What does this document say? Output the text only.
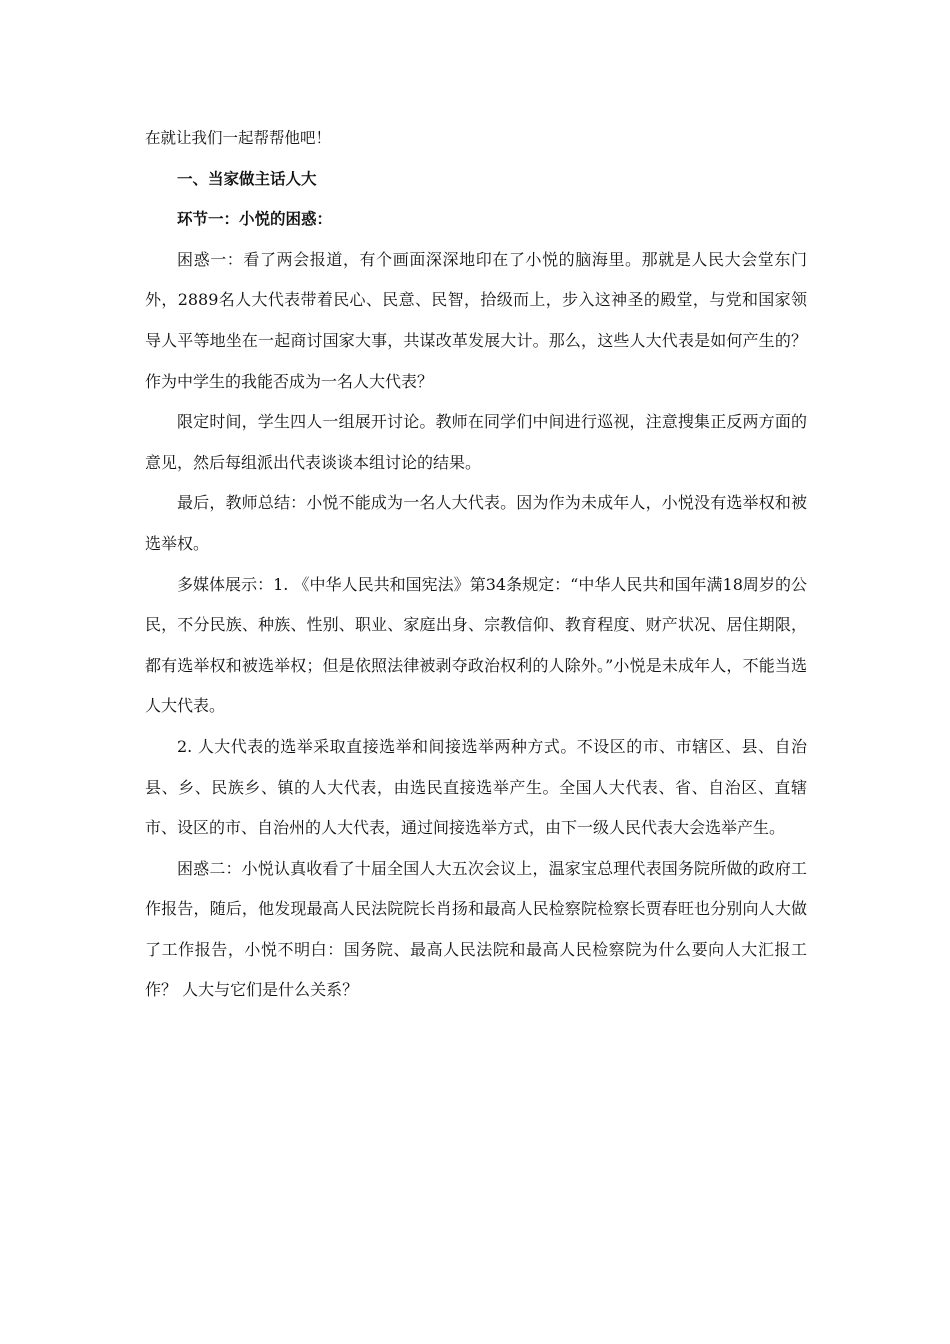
在就让我们一起帮帮他吧！

一、当家做主话人大

环节一：小悦的困惑：

困惑一：看了两会报道，有个画面深深地印在了小悦的脑海里。那就是人民大会堂东门外，2889名人大代表带着民心、民意、民智，拾级而上，步入这神圣的殿堂，与党和国家领导人平等地坐在一起商讨国家大事，共谋改革发展大计。那么，这些人大代表是如何产生的？作为中学生的我能否成为一名人大代表？

限定时间，学生四人一组展开讨论。教师在同学们中间进行巡视，注意搜集正反两方面的意见，然后每组派出代表谈谈本组讨论的结果。

最后，教师总结：小悦不能成为一名人大代表。因为作为未成年人，小悦没有选举权和被选举权。

多媒体展示：1. 《中华人民共和国宪法》第34条规定：“中华人民共和国年满18周岁的公民，不分民族、种族、性别、职业、家庭出身、宗教信仰、教育程度、财产状况、居住期限，都有选举权和被选举权；但是依照法律被剥夺政治权利的人除外。”小悦是未成年人，不能当选人大代表。

2. 人大代表的选举采取直接选举和间接选举两种方式。不设区的市、市辖区、县、自治县、乡、民族乡、镇的人大代表，由选民直接选举产生。全国人大代表、省、自治区、直辖市、设区的市、自治州的人大代表，通过间接选举方式，由下一级人民代表大会选举产生。

困惑二：小悦认真收看了十届全国人大五次会议上，温家宝总理代表国务院所做的政府工作报告，随后，他发现最高人民法院院长肖扬和最高人民检察院检察长贾春旺也分别向人大做了工作报告，小悦不明白：国务院、最高人民法院和最高人民检察院为什么要向人大汇报工作？ 人大与它们是什么关系？
